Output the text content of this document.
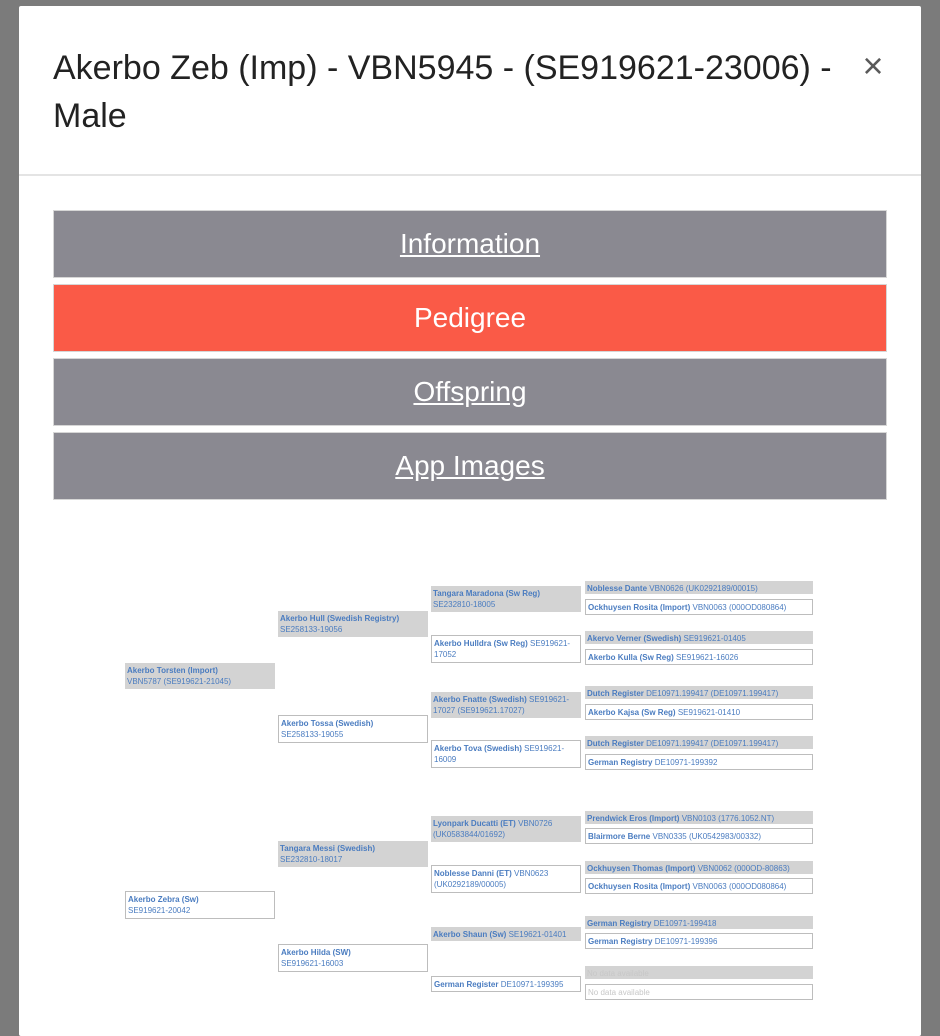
Akerbo Zeb (Imp) - VBN5945 - (SE919621-23006) - Male
×
Information
Pedigree
Offspring
App Images
Akerbo Torsten (Import)
VBN5787 (SE919621-21045)
Akerbo Zebra (Sw)
SE919621-20042
Akerbo Hull (Swedish Registry)
SE258133-19056
Akerbo Tossa (Swedish)
SE258133-19055
Tangara Messi (Swedish)
SE232810-18017
Akerbo Hilda (SW)
SE919621-16003
Tangara Maradona (Sw Reg)
SE232810-18005
Akerbo Hulldra (Sw Reg) SE919621-17052
Akerbo Fnatte (Swedish) SE919621-17027 (SE919621.17027)
Akerbo Tova (Swedish) SE919621-16009
Lyonpark Ducatti (ET) VBN0726 (UK0583844/01692)
Noblesse Danni (ET) VBN0623 (UK0292189/00005)
Akerbo Shaun (Sw) SE19621-01401
German Register DE10971-199395
Noblesse Dante VBN0626 (UK0292189/00015)
Ockhuysen Rosita (Import) VBN0063 (000OD080864)
Akervo Verner (Swedish) SE919621-01405
Akerbo Kulla (Sw Reg) SE919621-16026
Dutch Register DE10971.199417 (DE10971.199417)
Akerbo Kajsa (Sw Reg) SE919621-01410
Dutch Register DE10971.199417 (DE10971.199417)
German Registry DE10971-199392
Prendwick Eros (Import) VBN0103 (1776.1052.NT)
Blairmore Berne VBN0335 (UK0542983/00332)
Ockhuysen Thomas (Import) VBN0062 (000OD-80863)
Ockhuysen Rosita (Import) VBN0063 (000OD080864)
German Registry DE10971-199418
German Registry DE10971-199396
No data available
No data available
